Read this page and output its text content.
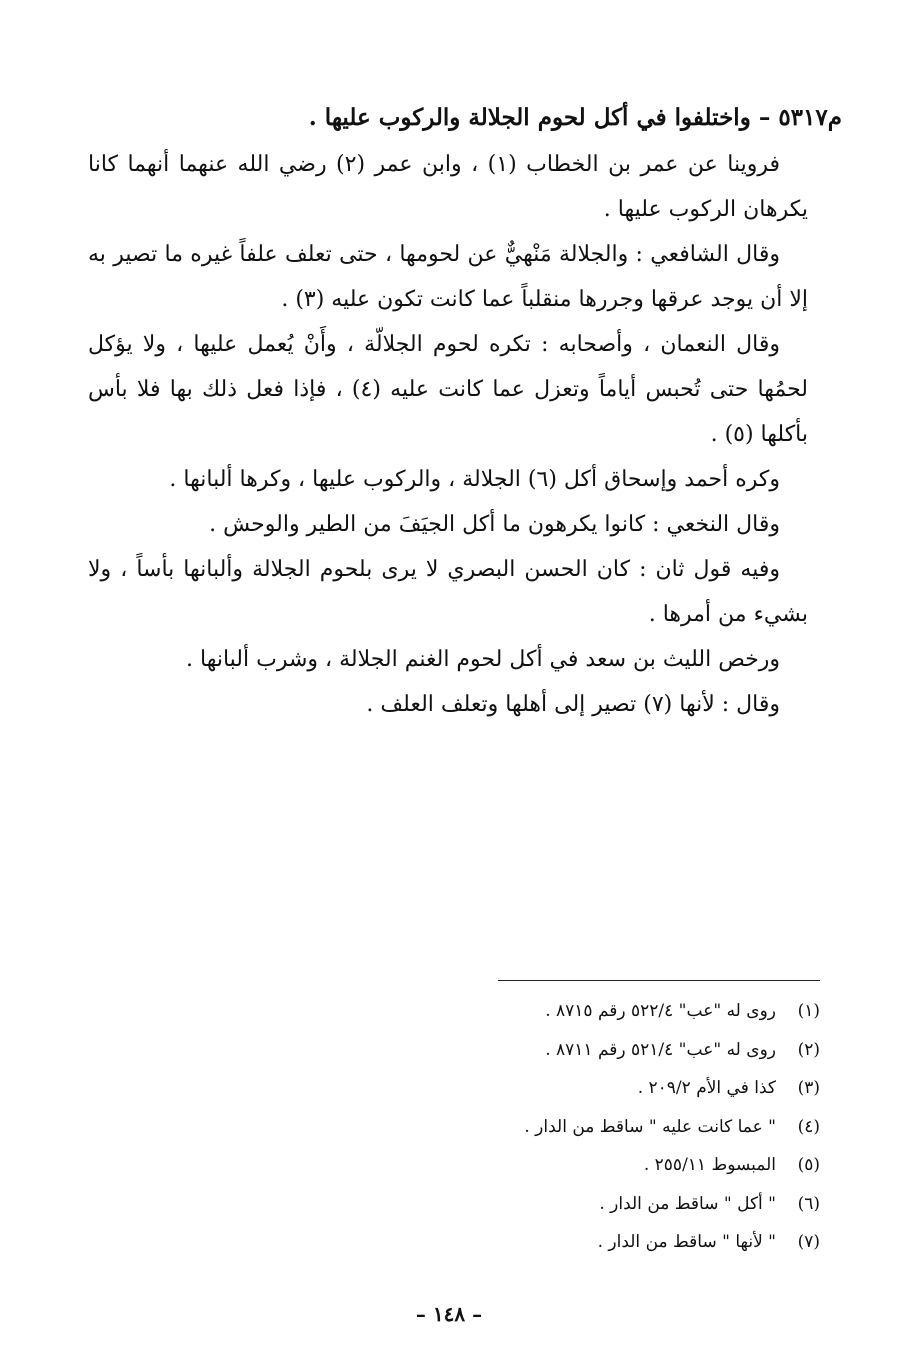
م٥٣١٧ – واختلفوا في أكل لحوم الجلالة والركوب عليها .

فروينا عن عمر بن الخطاب (١) ، وابن عمر (٢) رضي الله عنهما أنهما كانا يكرهان الركوب عليها .

وقال الشافعي : والجلالة مَنْهيٌّ عن لحومها ، حتى تعلف علفاً غيره ما تصير به إلا أن يوجد عرقها وجررها منقلباً عما كانت تكون عليه (٣) .

وقال النعمان ، وأصحابه : تكره لحوم الجلالّة ، وأَنْ يُعمل عليها ، ولا يؤكل لحمُها حتى تُحبس أياماً وتعزل عما كانت عليه (٤) ، فإذا فعل ذلك بها فلا بأس بأكلها (٥) .

وكره أحمد وإسحاق أكل (٦) الجلالة ، والركوب عليها ، وكرها ألبانها .

وقال النخعي : كانوا يكرهون ما أكل الجيَفَ من الطير والوحش .

وفيه قول ثان : كان الحسن البصري لا يرى بلحوم الجلالة وألبانها بأساً ، ولا بشيء من أمرها .

ورخص الليث بن سعد في أكل لحوم الغنم الجلالة ، وشرب ألبانها .

وقال : لأنها (٧) تصير إلى أهلها وتعلف العلف .

(١)
روى له "عب" ٥٢٢/٤ رقم ٨٧١٥ .
(٢)
روى له "عب" ٥٢١/٤ رقم ٨٧١١ .
(٣)
كذا في الأم ٢٠٩/٢ .
(٤)
" عما كانت عليه " ساقط من الدار .
(٥)
المبسوط ٢٥٥/١١ .
(٦)
" أكل " ساقط من الدار .
(٧)
" لأنها " ساقط من الدار .
– ١٤٨ –
